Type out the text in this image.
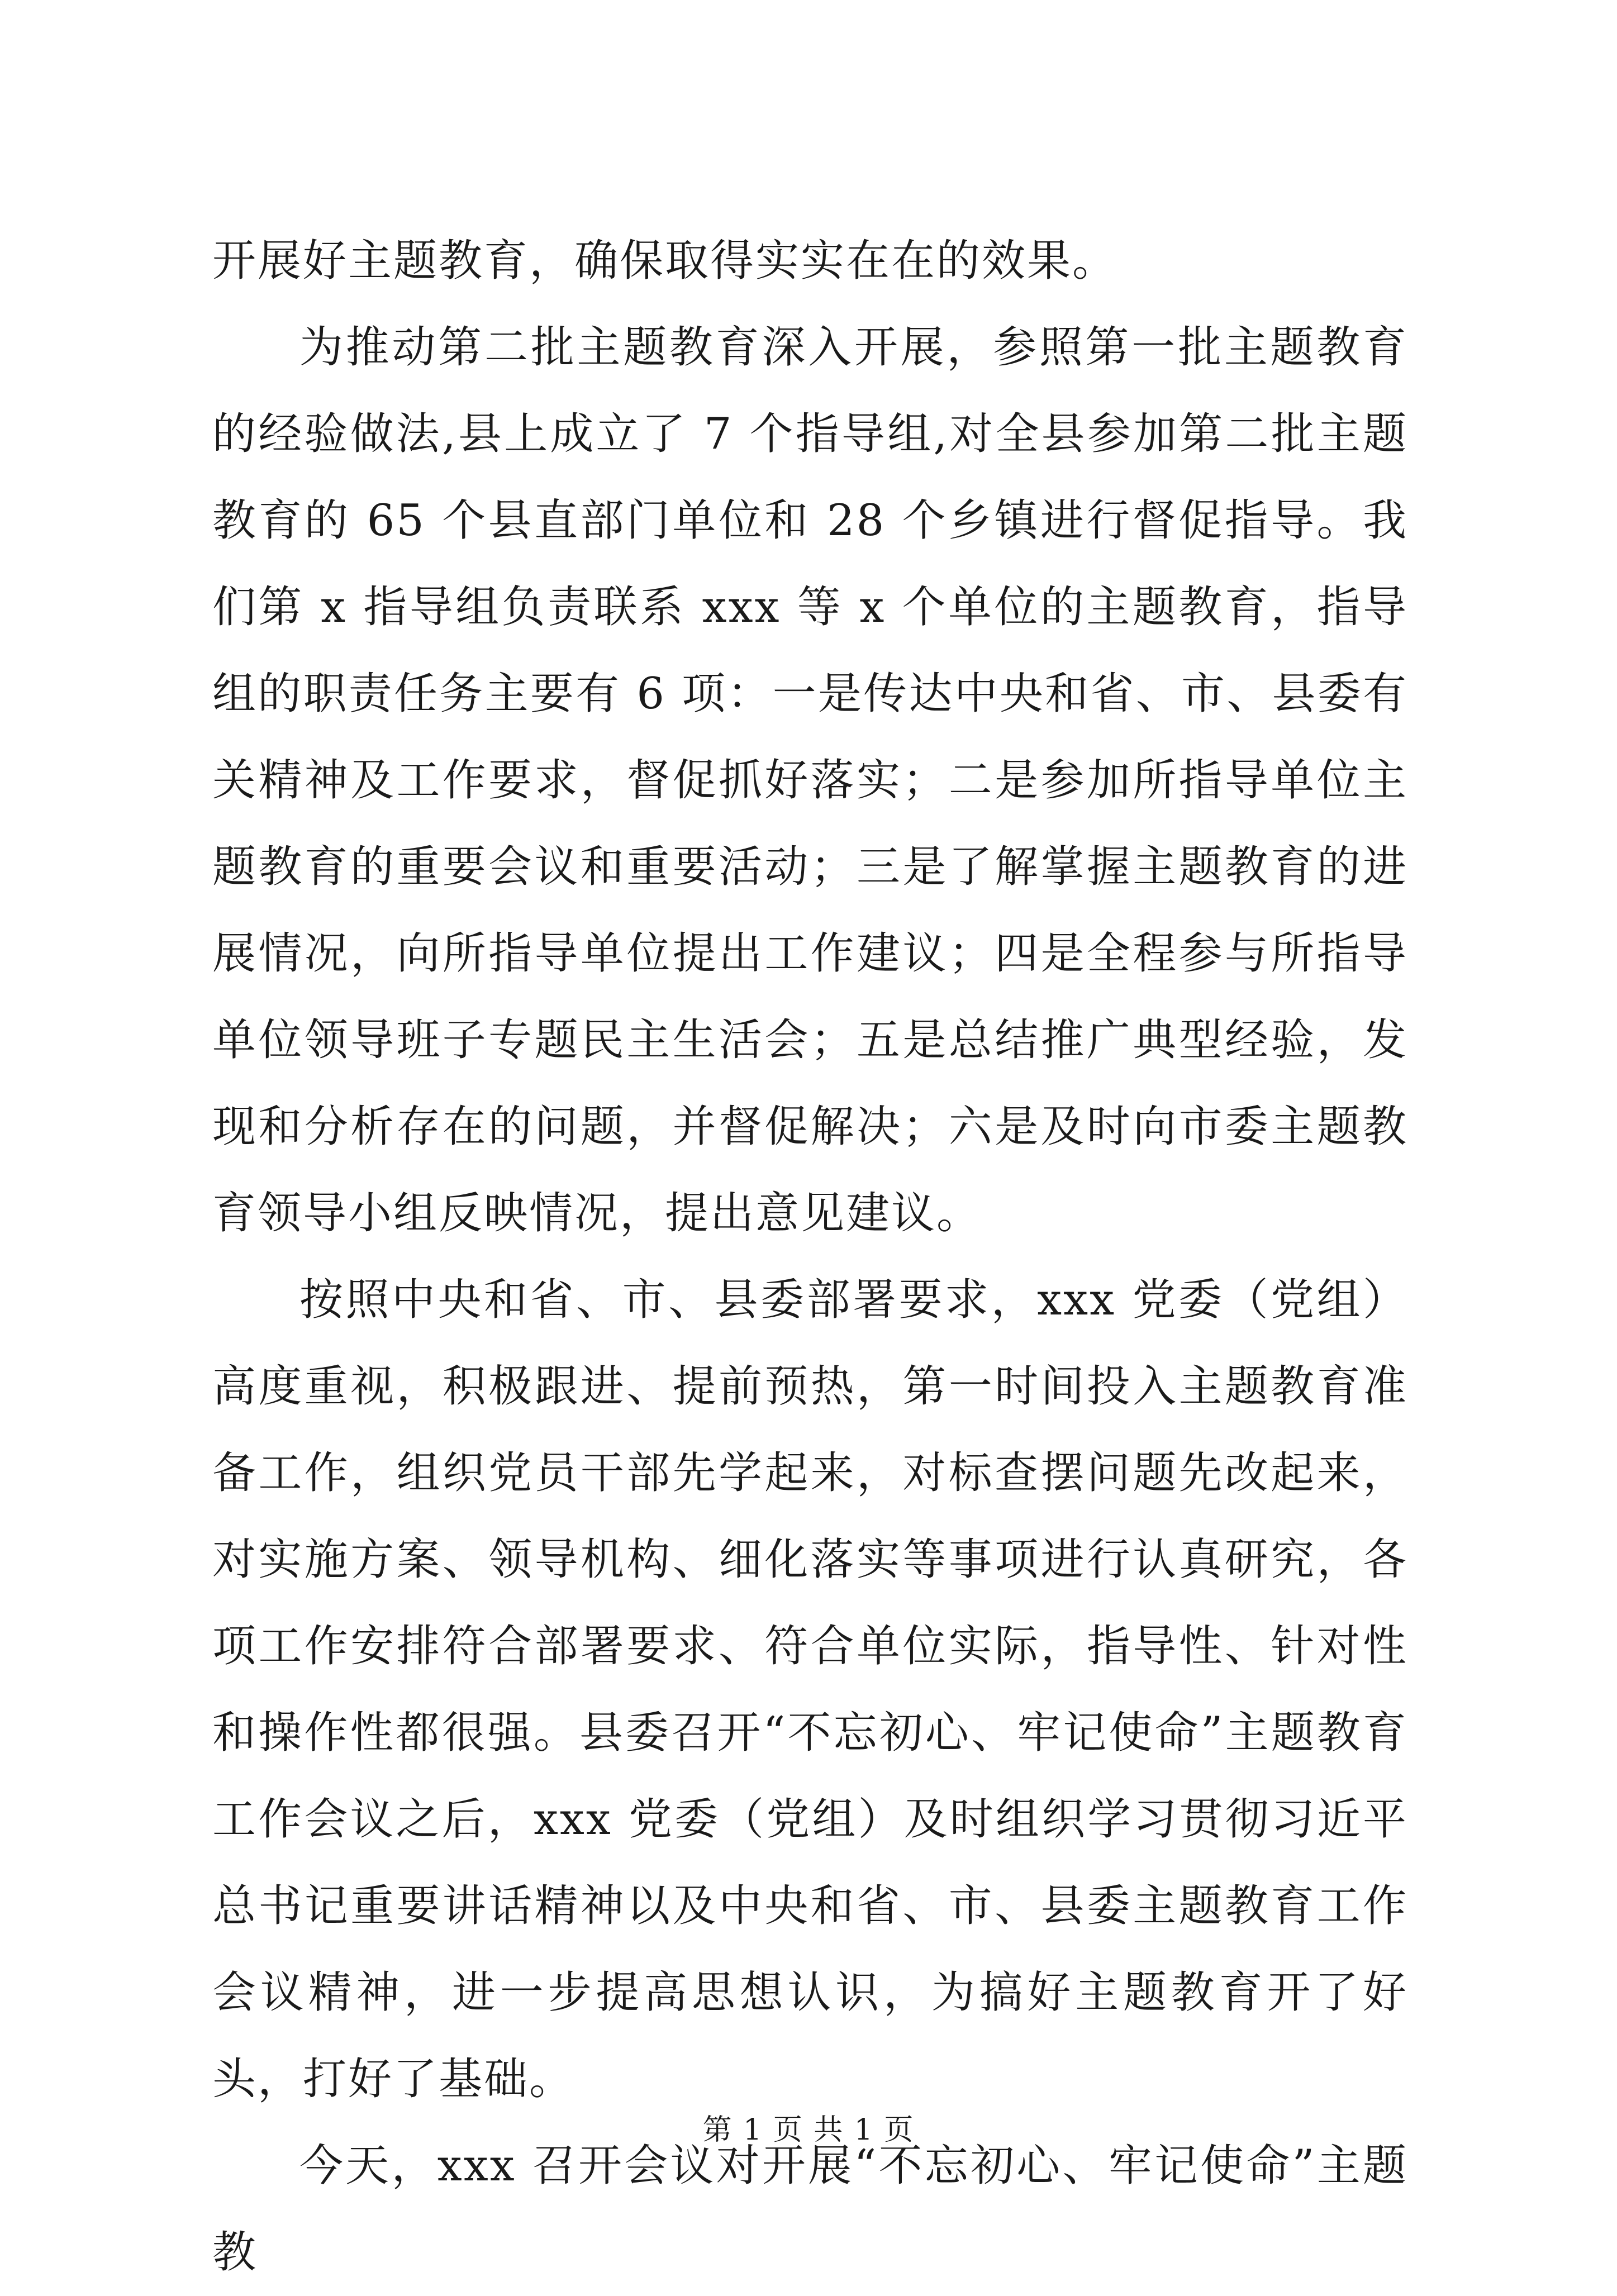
开展好主题教育，确保取得实实在在的效果。

为推动第二批主题教育深入开展，参照第一批主题教育的经验做法,县上成立了 7 个指导组,对全县参加第二批主题教育的 65 个县直部门单位和 28 个乡镇进行督促指导。我们第 x 指导组负责联系 xxx 等 x 个单位的主题教育，指导组的职责任务主要有 6 项：一是传达中央和省、市、县委有关精神及工作要求，督促抓好落实；二是参加所指导单位主题教育的重要会议和重要活动；三是了解掌握主题教育的进展情况，向所指导单位提出工作建议；四是全程参与所指导单位领导班子专题民主生活会；五是总结推广典型经验，发现和分析存在的问题，并督促解决；六是及时向市委主题教育领导小组反映情况，提出意见建议。

按照中央和省、市、县委部署要求，xxx 党委（党组）高度重视，积极跟进、提前预热，第一时间投入主题教育准备工作，组织党员干部先学起来，对标查摆问题先改起来，对实施方案、领导机构、细化落实等事项进行认真研究，各项工作安排符合部署要求、符合单位实际，指导性、针对性和操作性都很强。县委召开“不忘初心、牢记使命”主题教育工作会议之后，xxx 党委（党组）及时组织学习贯彻习近平总书记重要讲话精神以及中央和省、市、县委主题教育工作会议精神，进一步提高思想认识，为搞好主题教育开了好头，打好了基础。

今天，xxx 召开会议对开展“不忘初心、牢记使命”主题教

第 1 页 共 1 页
